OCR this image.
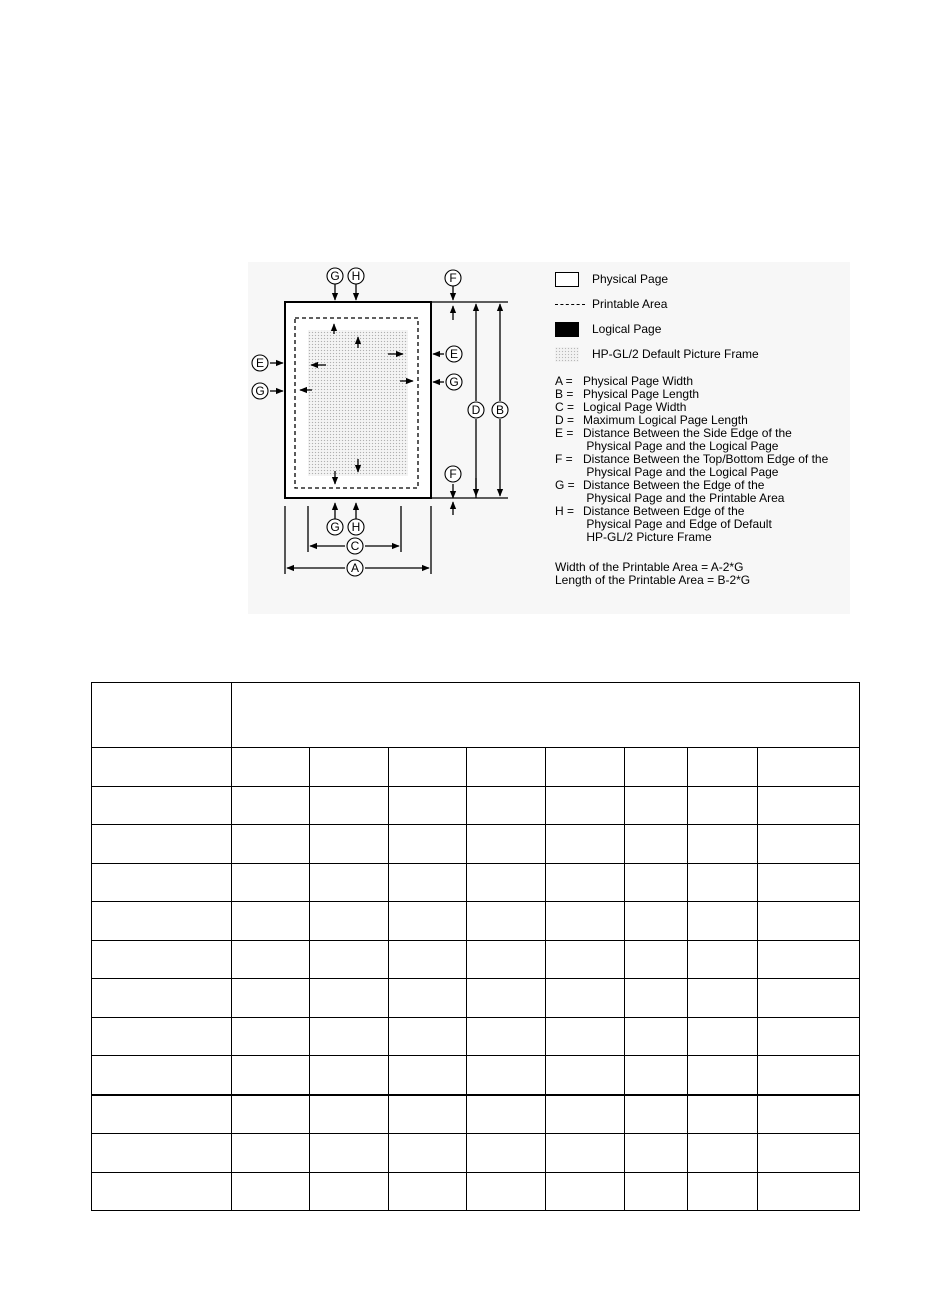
G H	F
E
G
E
G
D B
F
G H
C
A
Physical Page
Printable Area
Logical Page
HP-GL/2 Default Picture Frame
A = Physical Page Width
B = Physical Page Length
C = Logical Page Width
D = Maximum Logical Page Length
E = Distance Between the Side Edge of the
Physical Page and the Logical Page
F = Distance Between the Top/Bottom Edge of the
Physical Page and the Logical Page
G = Distance Between the Edge of the
Physical Page and the Printable Area
H = Distance Between Edge of the
Physical Page and Edge of Default
HP-GL/2 Picture Frame
Width of the Printable Area = A-2*G
Length of the Printable Area = B-2*G
